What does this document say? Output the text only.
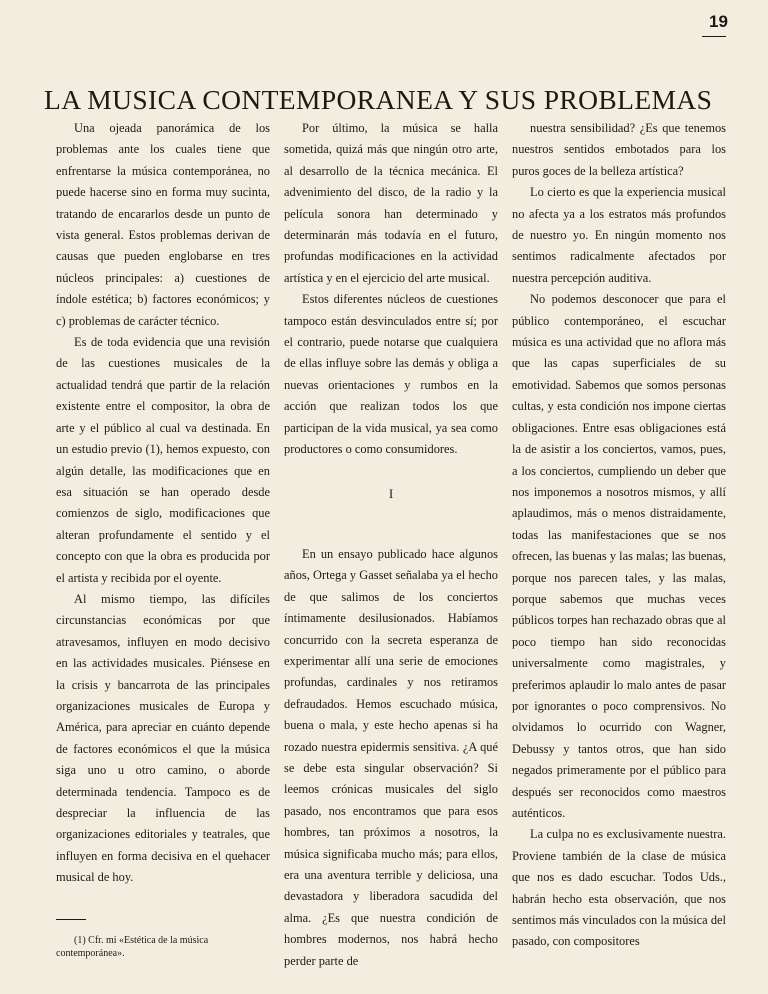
19
LA MUSICA CONTEMPORANEA Y SUS PROBLEMAS

Una ojeada panorámica de los problemas ante los cuales tiene que enfrentarse la música contemporánea, no puede hacerse sino en forma muy sucinta, tratando de encararlos desde un punto de vista general. Estos problemas derivan de causas que pueden englobarse en tres núcleos principales: a) cuestiones de índole estética; b) factores económicos; y c) problemas de carácter técnico.

Es de toda evidencia que una revisión de las cuestiones musicales de la actualidad tendrá que partir de la relación existente entre el compositor, la obra de arte y el público al cual va destinada. En un estudio previo (1), hemos expuesto, con algún detalle, las modificaciones que en esa situación se han operado desde comienzos de siglo, modificaciones que alteran profundamente el sentido y el concepto con que la obra es producida por el artista y recibida por el oyente.

Al mismo tiempo, las difíciles circunstancias económicas por que atravesamos, influyen en modo decisivo en las actividades musicales. Piénsese en la crisis y bancarrota de las principales organizaciones musicales de Europa y América, para apreciar en cuánto depende de factores económicos el que la música siga uno u otro camino, o aborde determinada tendencia. Tampoco es de despreciar la influencia de las organizaciones editoriales y teatrales, que influyen en forma decisiva en el quehacer musical de hoy.

(1) Cfr. mi «Estética de la música contemporánea».

Por último, la música se halla sometida, quizá más que ningún otro arte, al desarrollo de la técnica mecánica. El advenimiento del disco, de la radio y la película sonora han determinado y determinarán más todavía en el futuro, profundas modificaciones en la actividad artística y en el ejercicio del arte musical.

Estos diferentes núcleos de cuestiones tampoco están desvinculados entre sí; por el contrario, puede notarse que cualquiera de ellas influye sobre las demás y obliga a nuevas orientaciones y rumbos en la acción que realizan todos los que participan de la vida musical, ya sea como productores o como consumidores.

I

En un ensayo publicado hace algunos años, Ortega y Gasset señalaba ya el hecho de que salimos de los conciertos íntimamente desilusionados. Habíamos concurrido con la secreta esperanza de experimentar allí una serie de emociones profundas, cardinales y nos retiramos defraudados. Hemos escuchado música, buena o mala, y este hecho apenas si ha rozado nuestra epidermis sensitiva. ¿A qué se debe esta singular observación? Si leemos crónicas musicales del siglo pasado, nos encontramos que para esos hombres, tan próximos a nosotros, la música significaba mucho más; para ellos, era una aventura terrible y deliciosa, una devastadora y liberadora sacudida del alma. ¿Es que nuestra condición de hombres modernos, nos habrá hecho perder parte de

nuestra sensibilidad? ¿Es que tenemos nuestros sentidos embotados para los puros goces de la belleza artística?

Lo cierto es que la experiencia musical no afecta ya a los estratos más profundos de nuestro yo. En ningún momento nos sentimos radicalmente afectados por nuestra percepción auditiva.

No podemos desconocer que para el público contemporáneo, el escuchar música es una actividad que no aflora más que las capas superficiales de su emotividad. Sabemos que somos personas cultas, y esta condición nos impone ciertas obligaciones. Entre esas obligaciones está la de asistir a los conciertos, vamos, pues, a los conciertos, cumpliendo un deber que nos imponemos a nosotros mismos, y allí aplaudimos, más o menos distraidamente, todas las manifestaciones que se nos ofrecen, las buenas y las malas; las buenas, porque nos parecen tales, y las malas, porque sabemos que muchas veces públicos torpes han rechazado obras que al poco tiempo han sido reconocidas universalmente como magistrales, y preferimos aplaudir lo malo antes de pasar por ignorantes o poco comprensivos. No olvidamos lo ocurrido con Wagner, Debussy y tantos otros, que han sido negados primeramente por el público para después ser reconocidos como maestros auténticos.

La culpa no es exclusivamente nuestra. Proviene también de la clase de música que nos es dado escuchar. Todos Uds., habrán hecho esta observación, que nos sentimos más vinculados con la música del pasado, con compositores
